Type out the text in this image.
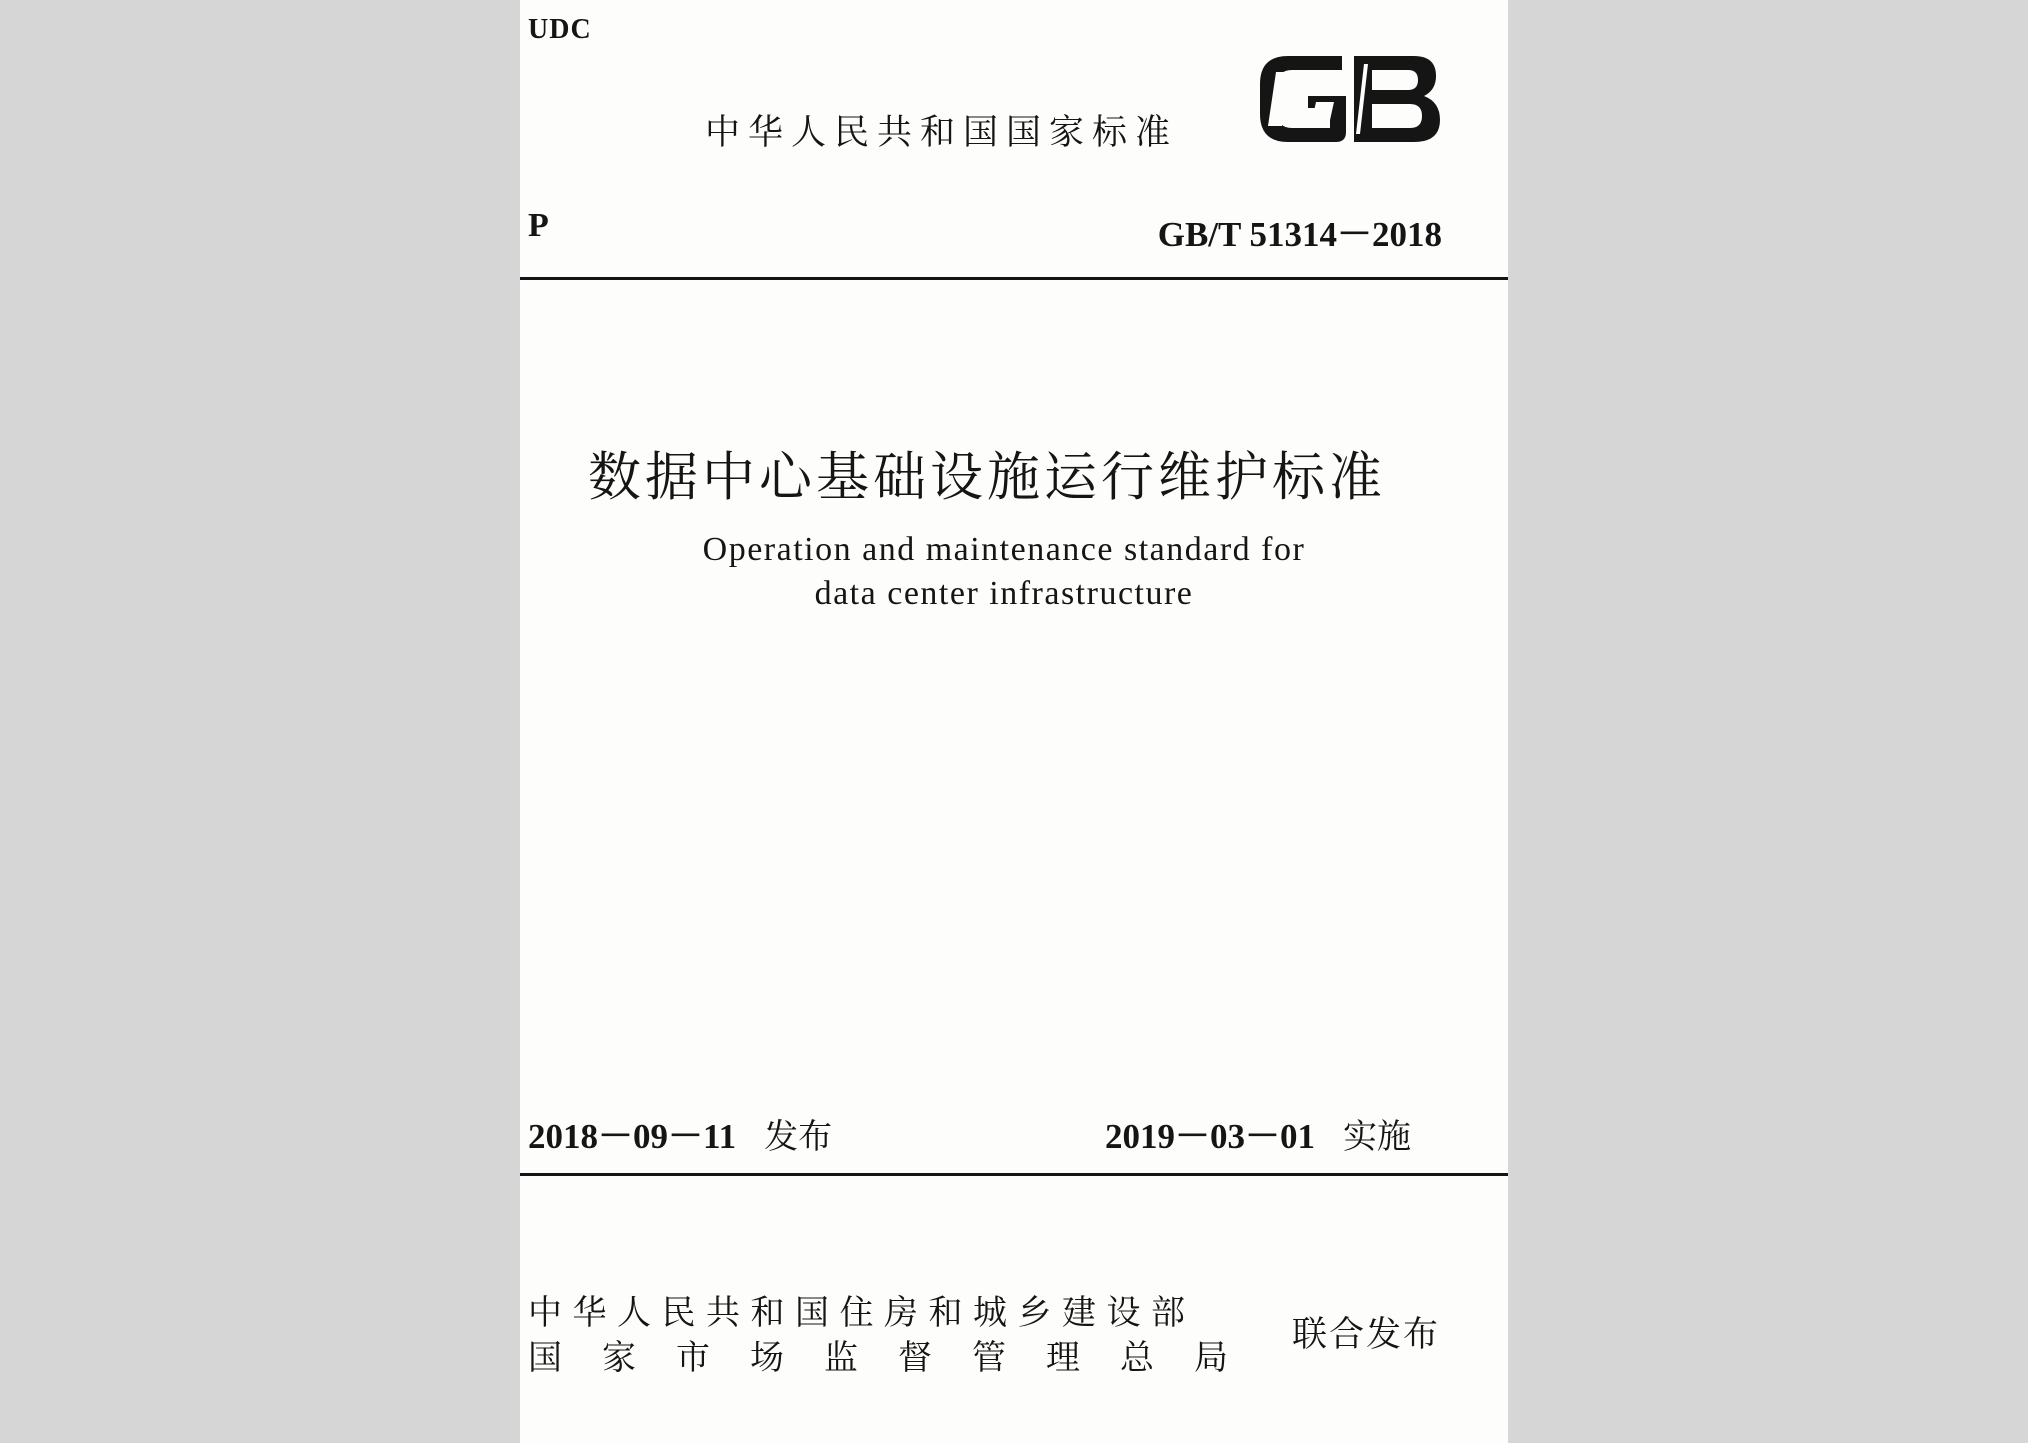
UDC
中华人民共和国国家标准
P	GB/T 51314－2018
数据中心基础设施运行维护标准
Operation and maintenance standard for
data center infrastructure
2018－09－11 发布	2019－03－01 实施
中华人民共和国住房和城乡建设部
国家市场监督管理总局
联合发布
